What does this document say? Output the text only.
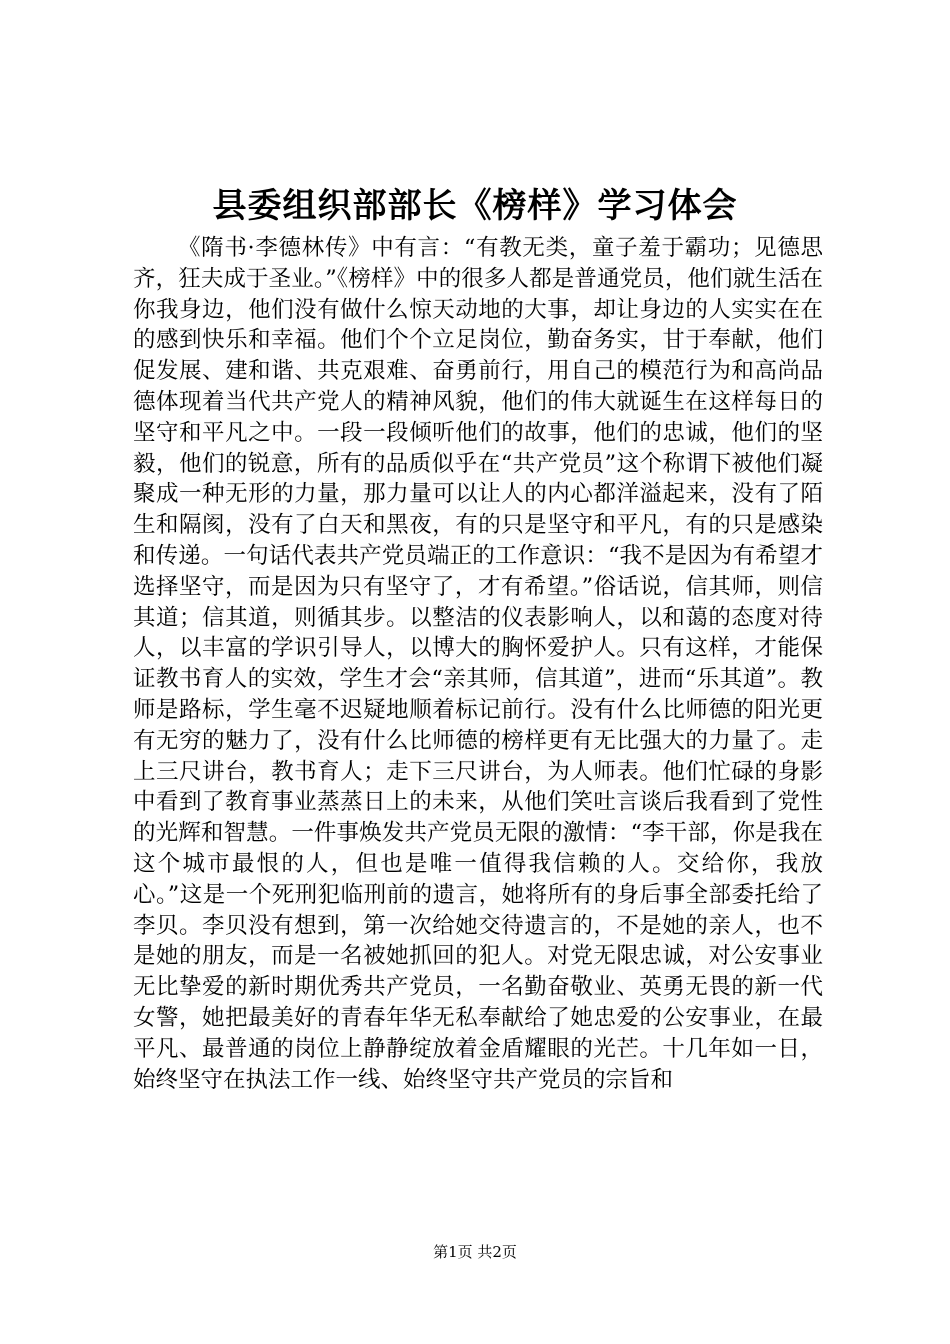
县委组织部部长《榜样》学习体会

《隋书·李德林传》中有言：“有教无类，童子羞于霸功；见德思齐，狂夫成于圣业。”《榜样》中的很多人都是普通党员，他们就生活在你我身边，他们没有做什么惊天动地的大事，却让身边的人实实在在的感到快乐和幸福。他们个个立足岗位，勤奋务实，甘于奉献，他们促发展、建和谐、共克艰难、奋勇前行，用自己的模范行为和高尚品德体现着当代共产党人的精神风貌，他们的伟大就诞生在这样每日的坚守和平凡之中。一段一段倾听他们的故事，他们的忠诚，他们的坚毅，他们的锐意，所有的品质似乎在“共产党员”这个称谓下被他们凝聚成一种无形的力量，那力量可以让人的内心都洋溢起来，没有了陌生和隔阂，没有了白天和黑夜，有的只是坚守和平凡，有的只是感染和传递。一句话代表共产党员端正的工作意识：“我不是因为有希望才选择坚守，而是因为只有坚守了，才有希望。”俗话说，信其师，则信其道；信其道，则循其步。以整洁的仪表影响人，以和蔼的态度对待人，以丰富的学识引导人，以博大的胸怀爱护人。只有这样，才能保证教书育人的实效，学生才会“亲其师，信其道”，进而“乐其道”。教师是路标，学生毫不迟疑地顺着标记前行。没有什么比师德的阳光更有无穷的魅力了，没有什么比师德的榜样更有无比强大的力量了。走上三尺讲台，教书育人；走下三尺讲台，为人师表。他们忙碌的身影中看到了教育事业蒸蒸日上的未来，从他们笑吐言谈后我看到了党性的光辉和智慧。一件事焕发共产党员无限的激情：“李干部，你是我在这个城市最恨的人，但也是唯一值得我信赖的人。交给你，我放心。”这是一个死刑犯临刑前的遗言，她将所有的身后事全部委托给了李贝。李贝没有想到，第一次给她交待遗言的，不是她的亲人，也不是她的朋友，而是一名被她抓回的犯人。对党无限忠诚，对公安事业无比挚爱的新时期优秀共产党员，一名勤奋敬业、英勇无畏的新一代女警，她把最美好的青春年华无私奉献给了她忠爱的公安事业，在最平凡、最普通的岗位上静静绽放着金盾耀眼的光芒。十几年如一日，始终坚守在执法工作一线、始终坚守共产党员的宗旨和

第1页 共2页
